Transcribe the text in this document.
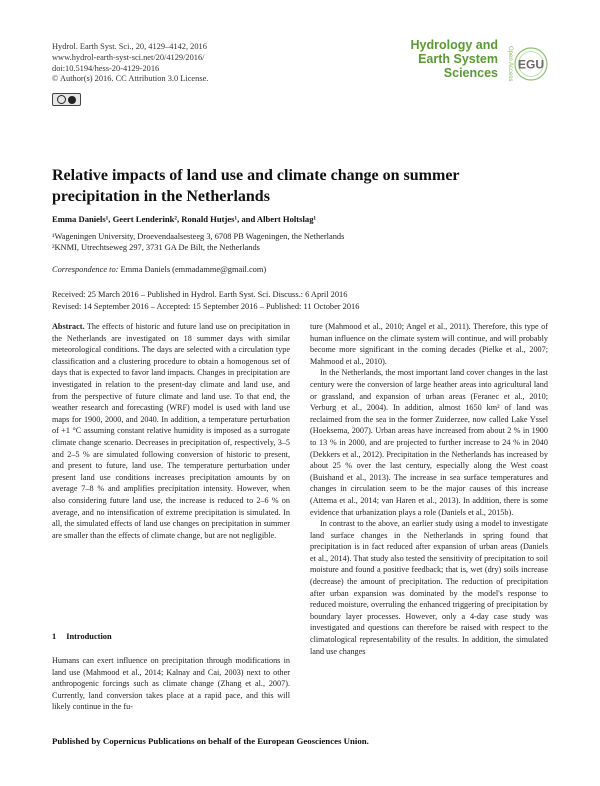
Hydrol. Earth Syst. Sci., 20, 4129–4142, 2016
www.hydrol-earth-syst-sci.net/20/4129/2016/
doi:10.5194/hess-20-4129-2016
© Author(s) 2016. CC Attribution 3.0 License.
Hydrology and
Earth System
Sciences	Open Access EGU
Relative impacts of land use and climate change on summer precipitation in the Netherlands
Emma Daniels¹, Geert Lenderink², Ronald Hutjes¹, and Albert Holtslag¹
¹Wageningen University, Droevendaalsesteeg 3, 6708 PB Wageningen, the Netherlands
²KNMI, Utrechtseweg 297, 3731 GA De Bilt, the Netherlands
Correspondence to: Emma Daniels (emmadamme@gmail.com)
Received: 25 March 2016 – Published in Hydrol. Earth Syst. Sci. Discuss.: 6 April 2016
Revised: 14 September 2016 – Accepted: 15 September 2016 – Published: 11 October 2016

Abstract. The effects of historic and future land use on precipitation in the Netherlands are investigated on 18 summer days with similar meteorological conditions. The days are selected with a circulation type classification and a clustering procedure to obtain a homogenous set of days that is expected to favor land impacts. Changes in precipitation are investigated in relation to the present-day climate and land use, and from the perspective of future climate and land use. To that end, the weather research and forecasting (WRF) model is used with land use maps for 1900, 2000, and 2040. In addition, a temperature perturbation of +1 °C assuming constant relative humidity is imposed as a surrogate climate change scenario. Decreases in precipitation of, respectively, 3–5 and 2–5 % are simulated following conversion of historic to present, and present to future, land use. The temperature perturbation under present land use conditions increases precipitation amounts by on average 7–8 % and amplifies precipitation intensity. However, when also considering future land use, the increase is reduced to 2–6 % on average, and no intensification of extreme precipitation is simulated. In all, the simulated effects of land use changes on precipitation in summer are smaller than the effects of climate change, but are not negligible.

1 Introduction
Humans can exert influence on precipitation through modifications in land use (Mahmood et al., 2014; Kalnay and Cai, 2003) next to other anthropogenic forcings such as climate change (Zhang et al., 2007). Currently, land conversion takes place at a rapid pace, and this will likely continue in the fu-

ture (Mahmood et al., 2010; Angel et al., 2011). Therefore, this type of human influence on the climate system will continue, and will probably become more significant in the coming decades (Pielke et al., 2007; Mahmood et al., 2010).

In the Netherlands, the most important land cover changes in the last century were the conversion of large heather areas into agricultural land or grassland, and expansion of urban areas (Feranec et al., 2010; Verburg et al., 2004). In addition, almost 1650 km² of land was reclaimed from the sea in the former Zuiderzee, now called Lake Yssel (Hoeksema, 2007). Urban areas have increased from about 2 % in 1900 to 13 % in 2000, and are projected to further increase to 24 % in 2040 (Dekkers et al., 2012). Precipitation in the Netherlands has increased by about 25 % over the last century, especially along the West coast (Buishand et al., 2013). The increase in sea surface temperatures and changes in circulation seem to be the major causes of this increase (Attema et al., 2014; van Haren et al., 2013). In addition, there is some evidence that urbanization plays a role (Daniels et al., 2015b).

In contrast to the above, an earlier study using a model to investigate land surface changes in the Netherlands in spring found that precipitation is in fact reduced after expansion of urban areas (Daniels et al., 2014). That study also tested the sensitivity of precipitation to soil moisture and found a positive feedback; that is, wet (dry) soils increase (decrease) the amount of precipitation. The reduction of precipitation after urban expansion was dominated by the model's response to reduced moisture, overruling the enhanced triggering of precipitation by boundary layer processes. However, only a 4-day case study was investigated and questions can therefore be raised with respect to the climatological representability of the results. In addition, the simulated land use changes

Published by Copernicus Publications on behalf of the European Geosciences Union.
